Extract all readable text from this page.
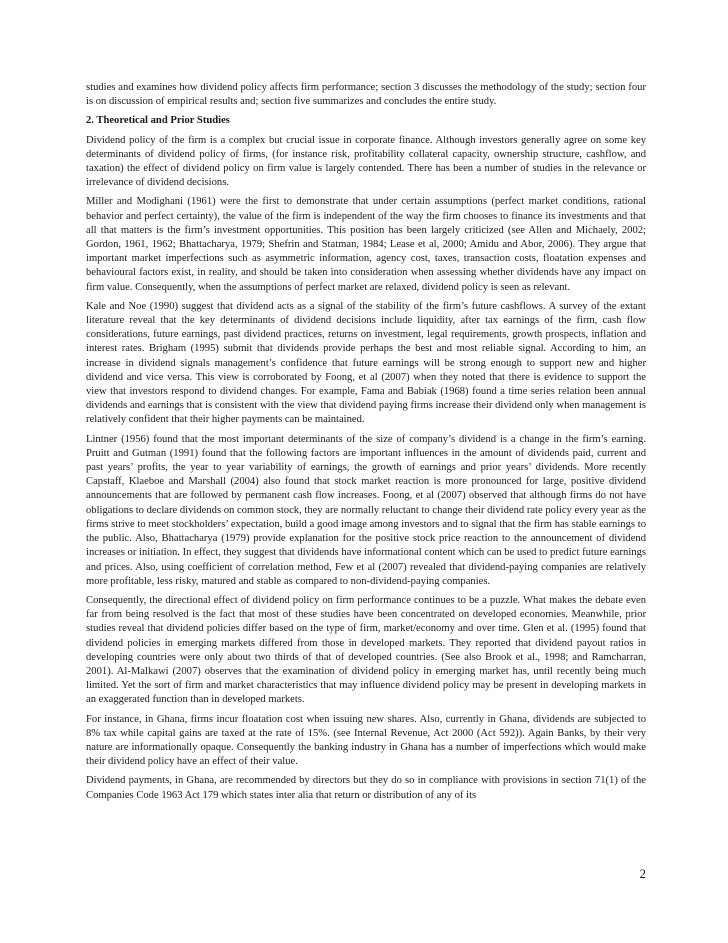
studies and examines how dividend policy affects firm performance; section 3 discusses the methodology of the study; section four is on discussion of empirical results and; section five summarizes and concludes the entire study.

2. Theoretical and Prior Studies

Dividend policy of the firm is a complex but crucial issue in corporate finance. Although investors generally agree on some key determinants of dividend policy of firms, (for instance risk, profitability collateral capacity, ownership structure, cashflow, and taxation) the effect of dividend policy on firm value is largely contended. There has been a number of studies in the relevance or irrelevance of dividend decisions.

Miller and Modighani (1961) were the first to demonstrate that under certain assumptions (perfect market conditions, rational behavior and perfect certainty), the value of the firm is independent of the way the firm chooses to finance its investments and that all that matters is the firm’s investment opportunities. This position has been largely criticized (see Allen and Michaely, 2002; Gordon, 1961, 1962; Bhattacharya, 1979; Shefrin and Statman, 1984; Lease et al, 2000; Amidu and Abor, 2006). They argue that important market imperfections such as asymmetric information, agency cost, taxes, transaction costs, floatation expenses and behavioural factors exist, in reality, and should be taken into consideration when assessing whether dividends have any impact on firm value. Consequently, when the assumptions of perfect market are relaxed, dividend policy is seen as relevant.

Kale and Noe (1990) suggest that dividend acts as a signal of the stability of the firm’s future cashflows. A survey of the extant literature reveal that the key determinants of dividend decisions include liquidity, after tax earnings of the firm, cash flow considerations, future earnings, past dividend practices, returns on investment, legal requirements, growth prospects, inflation and interest rates. Brigham (1995) submit that dividends provide perhaps the best and most reliable signal. According to him, an increase in dividend signals management’s confidence that future earnings will be strong enough to support new and higher dividend and vice versa. This view is corroborated by Foong, et al (2007) when they noted that there is evidence to support the view that investors respond to dividend changes. For example, Fama and Babiak (1968) found a time series relation been annual dividends and earnings that is consistent with the view that dividend paying firms increase their dividend only when management is relatively confident that their higher payments can be maintained.

Lintner (1956) found that the most important determinants of the size of company’s dividend is a change in the firm’s earning. Pruitt and Gutman (1991) found that the following factors are important influences in the amount of dividends paid, current and past years’ profits, the year to year variability of earnings, the growth of earnings and prior years’ dividends. More recently Capstaff, Klaeboe and Marshall (2004) also found that stock market reaction is more pronounced for large, positive dividend announcements that are followed by permanent cash flow increases. Foong, et al (2007) observed that although firms do not have obligations to declare dividends on common stock, they are normally reluctant to change their dividend rate policy every year as the firms strive to meet stockholders’ expectation, build a good image among investors and to signal that the firm has stable earnings to the public. Also, Bhattacharya (1979) provide explanation for the positive stock price reaction to the announcement of dividend increases or initiation. In effect, they suggest that dividends have informational content which can be used to predict future earnings and prices. Also, using coefficient of correlation method, Few et al (2007) revealed that dividend-paying companies are relatively more profitable, less risky, matured and stable as compared to non-dividend-paying companies.

Consequently, the directional effect of dividend policy on firm performance continues to be a puzzle. What makes the debate even far from being resolved is the fact that most of these studies have been concentrated on developed economies. Meanwhile, prior studies reveal that dividend policies differ based on the type of firm, market/economy and over time. Glen et al. (1995) found that dividend policies in emerging markets differed from those in developed markets. They reported that dividend payout ratios in developing countries were only about two thirds of that of developed countries. (See also Brook et al., 1998; and Ramcharran, 2001). Al-Malkawi (2007) observes that the examination of dividend policy in emerging market has, until recently being much limited. Yet the sort of firm and market characteristics that may influence dividend policy may be present in developing markets in an exaggerated function than in developed markets.

For instance, in Ghana, firms incur floatation cost when issuing new shares. Also, currently in Ghana, dividends are subjected to 8% tax while capital gains are taxed at the rate of 15%. (see Internal Revenue, Act 2000 (Act 592)). Again Banks, by their very nature are informationally opaque. Consequently the banking industry in Ghana has a number of imperfections which would make their dividend policy have an effect of their value.

Dividend payments, in Ghana, are recommended by directors but they do so in compliance with provisions in section 71(1) of the Companies Code 1963 Act 179 which states inter alia that return or distribution of any of its

2
